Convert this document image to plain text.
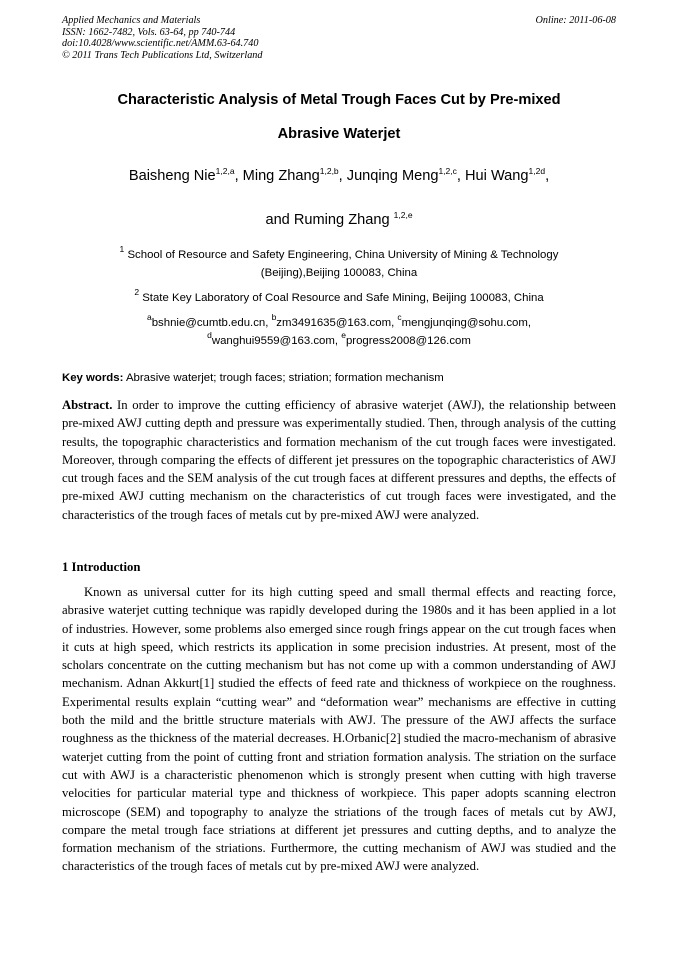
Applied Mechanics and Materials
ISSN: 1662-7482, Vols. 63-64, pp 740-744
doi:10.4028/www.scientific.net/AMM.63-64.740
© 2011 Trans Tech Publications Ltd, Switzerland
Online: 2011-06-08
Characteristic Analysis of Metal Trough Faces Cut by Pre-mixed
Abrasive Waterjet
Baisheng Nie$^{1,2,a}$, Ming Zhang$^{1,2,b}$, Junqing Meng$^{1,2,c}$, Hui Wang$^{1,2d}$,
and Ruming Zhang $^{1,2,e}$
$^1$ School of Resource and Safety Engineering, China University of Mining & Technology
(Beijing),Beijing 100083, China
$^2$ State Key Laboratory of Coal Resource and Safe Mining, Beijing 100083, China
$^a$bshnie@cumtb.edu.cn, $^b$zm3491635@163.com, $^c$mengjunqing@sohu.com,
$^d$wanghui9559@163.com, $^e$progress2008@126.com
Key words: Abrasive waterjet; trough faces; striation; formation mechanism
Abstract. In order to improve the cutting efficiency of abrasive waterjet (AWJ), the relationship between pre-mixed AWJ cutting depth and pressure was experimentally studied. Then, through analysis of the cutting results, the topographic characteristics and formation mechanism of the cut trough faces were investigated. Moreover, through comparing the effects of different jet pressures on the topographic characteristics of AWJ cut trough faces and the SEM analysis of the cut trough faces at different pressures and depths, the effects of pre-mixed AWJ cutting mechanism on the characteristics of cut trough faces were investigated, and the characteristics of the trough faces of metals cut by pre-mixed AWJ were analyzed.
1 Introduction
Known as universal cutter for its high cutting speed and small thermal effects and reacting force, abrasive waterjet cutting technique was rapidly developed during the 1980s and it has been applied in a lot of industries. However, some problems also emerged since rough frings appear on the cut trough faces when it cuts at high speed, which restricts its application in some precision industries. At present, most of the scholars concentrate on the cutting mechanism but has not come up with a common understanding of AWJ mechanism. Adnan Akkurt[1] studied the effects of feed rate and thickness of workpiece on the roughness. Experimental results explain “cutting wear” and “deformation wear” mechanisms are effective in cutting both the mild and the brittle structure materials with AWJ. The pressure of the AWJ affects the surface roughness as the thickness of the material decreases. H.Orbanic[2] studied the macro-mechanism of abrasive waterjet cutting from the point of cutting front and striation formation analysis. The striation on the surface cut with AWJ is a characteristic phenomenon which is strongly present when cutting with high traverse velocities for particular material type and thickness of workpiece. This paper adopts scanning electron microscope (SEM) and topography to analyze the striations of the trough faces of metals cut by AWJ, compare the metal trough face striations at different jet pressures and cutting depths, and to analyze the formation mechanism of the striations. Furthermore, the cutting mechanism of AWJ was studied and the characteristics of the trough faces of metals cut by pre-mixed AWJ were analyzed.
